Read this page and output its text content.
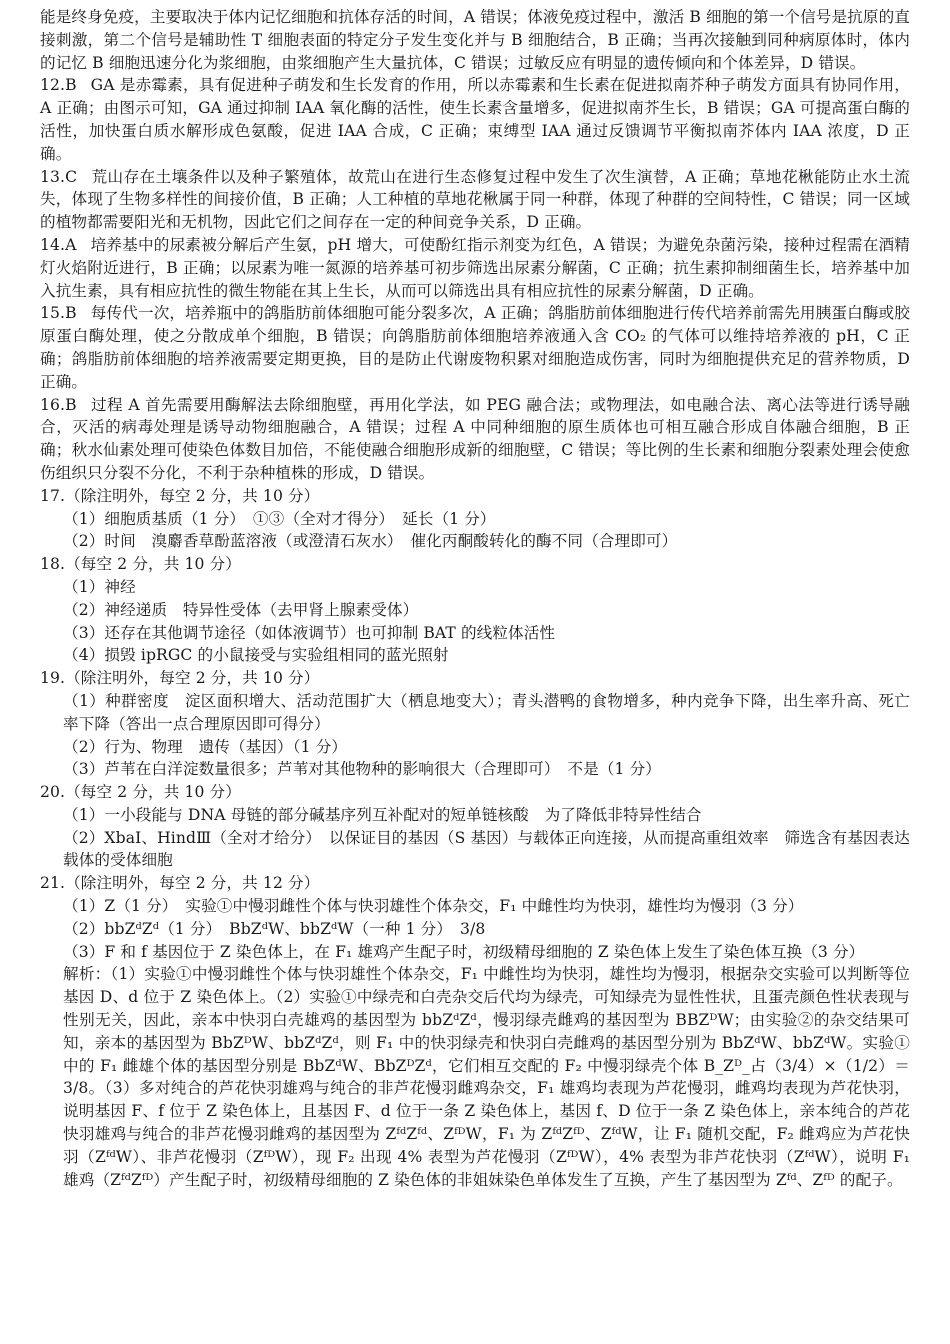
能是终身免疫，主要取决于体内记忆细胞和抗体存活的时间，A 错误；体液免疫过程中，激活 B 细胞的第一个信号是抗原的直接刺激，第二个信号是辅助性 T 细胞表面的特定分子发生变化并与 B 细胞结合，B 正确；当再次接触到同种病原体时，体内的记忆 B 细胞迅速分化为浆细胞，由浆细胞产生大量抗体，C 错误；过敏反应有明显的遗传倾向和个体差异，D 错误。

12.B GA 是赤霉素，具有促进种子萌发和生长发育的作用，所以赤霉素和生长素在促进拟南芥种子萌发方面具有协同作用，A 正确；由图示可知，GA 通过抑制 IAA 氧化酶的活性，使生长素含量增多，促进拟南芥生长，B 错误；GA 可提高蛋白酶的活性，加快蛋白质水解形成色氨酸，促进 IAA 合成，C 正确；束缚型 IAA 通过反馈调节平衡拟南芥体内 IAA 浓度，D 正确。
13.C 荒山存在土壤条件以及种子繁殖体，故荒山在进行生态修复过程中发生了次生演替，A 正确；草地花楸能防止水土流失，体现了生物多样性的间接价值，B 正确；人工种植的草地花楸属于同一种群，体现了种群的空间特性，C 错误；同一区域的植物都需要阳光和无机物，因此它们之间存在一定的种间竞争关系，D 正确。
14.A 培养基中的尿素被分解后产生氨，pH 增大，可使酚红指示剂变为红色，A 错误；为避免杂菌污染，接种过程需在酒精灯火焰附近进行，B 正确；以尿素为唯一氮源的培养基可初步筛选出尿素分解菌，C 正确；抗生素抑制细菌生长，培养基中加入抗生素，具有相应抗性的微生物能在其上生长，从而可以筛选出具有相应抗性的尿素分解菌，D 正确。
15.B 每传代一次，培养瓶中的鸽脂肪前体细胞可能分裂多次，A 正确；鸽脂肪前体细胞进行传代培养前需先用胰蛋白酶或胶原蛋白酶处理，使之分散成单个细胞，B 错误；向鸽脂肪前体细胞培养液通入含 CO₂ 的气体可以维持培养液的 pH，C 正确；鸽脂肪前体细胞的培养液需要定期更换，目的是防止代谢废物积累对细胞造成伤害，同时为细胞提供充足的营养物质，D 正确。
16.B 过程 A 首先需要用酶解法去除细胞壁，再用化学法，如 PEG 融合法；或物理法，如电融合法、离心法等进行诱导融合，灭活的病毒处理是诱导动物细胞融合，A 错误；过程 A 中同种细胞的原生质体也可相互融合形成自体融合细胞，B 正确；秋水仙素处理可使染色体数目加倍，不能使融合细胞形成新的细胞壁，C 错误；等比例的生长素和细胞分裂素处理会使愈伤组织只分裂不分化，不利于杂种植株的形成，D 错误。
17.（除注明外，每空 2 分，共 10 分）
（1）细胞质基质（1 分）　①③（全对才得分）　延长（1 分）
（2）时间　溴麝香草酚蓝溶液（或澄清石灰水）　催化丙酮酸转化的酶不同（合理即可）
18.（每空 2 分，共 10 分）
（1）神经
（2）神经递质　特异性受体（去甲肾上腺素受体）
（3）还存在其他调节途径（如体液调节）也可抑制 BAT 的线粒体活性
（4）损毁 ipRGC 的小鼠接受与实验组相同的蓝光照射
19.（除注明外，每空 2 分，共 10 分）
（1）种群密度　淀区面积增大、活动范围扩大（栖息地变大）；青头潜鸭的食物增多，种内竞争下降，出生率升高、死亡率下降（答出一点合理原因即可得分）
（2）行为、物理　遗传（基因）（1 分）
（3）芦苇在白洋淀数量很多；芦苇对其他物种的影响很大（合理即可）　不是（1 分）
20.（每空 2 分，共 10 分）
（1）一小段能与 DNA 母链的部分碱基序列互补配对的短单链核酸　为了降低非特异性结合
（2）XbaⅠ、HindⅢ（全对才给分）　以保证目的基因（S 基因）与载体正向连接，从而提高重组效率　筛选含有基因表达载体的受体细胞
21.（除注明外，每空 2 分，共 12 分）
（1）Z（1 分）　实验①中慢羽雌性个体与快羽雄性个体杂交，F₁ 中雌性均为快羽，雄性均为慢羽（3 分）
（2）bbZᵈZᵈ（1 分）　BbZᵈW、bbZᵈW（一种 1 分）　3/8
（3）F 和 f 基因位于 Z 染色体上，在 F₁ 雄鸡产生配子时，初级精母细胞的 Z 染色体上发生了染色体互换（3 分）
解析：（1）实验①中慢羽雌性个体与快羽雄性个体杂交，F₁ 中雌性均为快羽，雄性均为慢羽，根据杂交实验可以判断等位基因 D、d 位于 Z 染色体上。（2）实验①中绿壳和白壳杂交后代均为绿壳，可知绿壳为显性性状，且蛋壳颜色性状表现与性别无关，因此，亲本中快羽白壳雄鸡的基因型为 bbZᵈZᵈ，慢羽绿壳雌鸡的基因型为 BBZᴰW；由实验②的杂交结果可知，亲本的基因型为 BbZᴰW、bbZᵈZᵈ，则 F₁ 中的快羽绿壳和快羽白壳雌鸡的基因型分别为 BbZᵈW、bbZᵈW。实验①中的 F₁ 雌雄个体的基因型分别是 BbZᵈW、BbZᴰZᵈ，它们相互交配的 F₂ 中慢羽绿壳个体 B_Zᴰ_占（3/4）×（1/2）＝3/8。（3）多对纯合的芦花快羽雄鸡与纯合的非芦花慢羽雌鸡杂交，F₁ 雄鸡均表现为芦花慢羽，雌鸡均表现为芦花快羽，说明基因 F、f 位于 Z 染色体上，且基因 F、d 位于一条 Z 染色体上，基因 f、D 位于一条 Z 染色体上，亲本纯合的芦花快羽雄鸡与纯合的非芦花慢羽雌鸡的基因型为 ZᶠᵈZᶠᵈ、ZᶠᴰW，F₁ 为 ZᶠᵈZᶠᴰ、ZᶠᵈW，让 F₁ 随机交配，F₂ 雌鸡应为芦花快羽（ZᶠᵈW）、非芦花慢羽（ZᶠᴰW），现 F₂ 出现 4% 表型为芦花慢羽（ZᶠᴰW），4% 表型为非芦花快羽（ZᶠᵈW），说明 F₁ 雄鸡（ZᶠᵈZᶠᴰ）产生配子时，初级精母细胞的 Z 染色体的非姐妹染色单体发生了互换，产生了基因型为 Zᶠᵈ、Zᶠᴰ 的配子。
